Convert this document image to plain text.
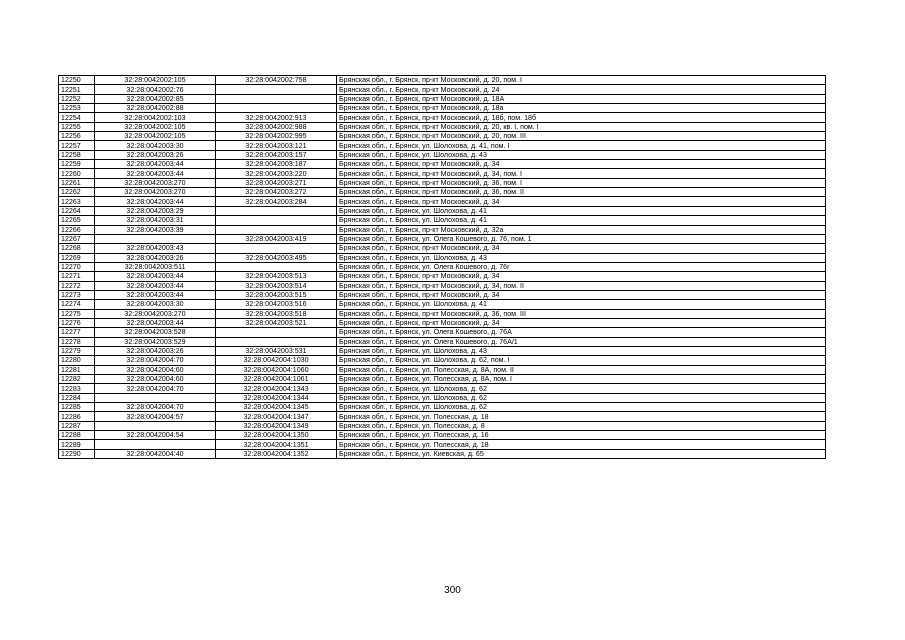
12250	32:28:0042002:105	32:28:0042002:758	Брянская обл., г. Брянск, пр-кт Московский, д. 20, пом. I
12251	32:28:0042002:76		Брянская обл., г. Брянск, пр-кт Московский, д. 24
12252	32:28:0042002:85		Брянская обл., г. Брянск, пр-кт Московский, д. 18А
12253	32:28:0042002:88		Брянская обл., г. Брянск, пр-кт Московский, д. 18а
12254	32:28:0042002:103	32:28:0042002:913	Брянская обл., г. Брянск, пр-кт Московский, д. 18б, пом. 18б
12255	32:28:0042002:105	32:28:0042002:988	Брянская обл., г. Брянск, пр-кт Московский, д. 20, кв. I, пом. I
12256	32:28:0042002:105	32:28:0042002:995	Брянская обл., г. Брянск, пр-кт Московский, д. 20, пом. III
12257	32:28:0042003:30	32:28:0042003:121	Брянская обл., г. Брянск, ул. Шолохова, д. 41, пом. I
12258	32:28:0042003:26	32:28:0042003:157	Брянская обл., г. Брянск, ул. Шолохова, д. 43
12259	32:28:0042003:44	32:28:0042003:187	Брянская обл., г. Брянск, пр-кт Московский, д. 34
12260	32:28:0042003:44	32:28:0042003:220	Брянская обл., г. Брянск, пр-кт Московский, д. 34, пом. I
12261	32:28:0042003:270	32:28:0042003:271	Брянская обл., г. Брянск, пр-кт Московский, д. 36, пом. I
12262	32:28:0042003:270	32:28:0042003:272	Брянская обл., г. Брянск, пр-кт Московский, д. 36, пом. II
12263	32:28:0042003:44	32:28:0042003:284	Брянская обл., г. Брянск, пр-кт Московский, д. 34
12264	32:28:0042003:29		Брянская обл., г. Брянск, ул. Шолохова, д. 41
12265	32:28:0042003:31		Брянская обл., г. Брянск, ул. Шолохова, д. 41
12266	32:28:0042003:39		Брянская обл., г. Брянск, пр-кт Московский, д. 32а
12267		32:28:0042003:419	Брянская обл., г. Брянск, ул. Олега Кошевого, д. 76, пом. 1
12268	32:28:0042003:43		Брянская обл., г. Брянск, пр-кт Московский, д. 34
12269	32:28:0042003:26	32:28:0042003:495	Брянская обл., г. Брянск, ул. Шолохова, д. 43
12270	32:28:0042003:511		Брянская обл., г. Брянск, ул. Олега Кошевого, д. 76г
12271	32:28:0042003:44	32:28:0042003:513	Брянская обл., г. Брянск, пр-кт Московский, д. 34
12272	32:28:0042003:44	32:28:0042003:514	Брянская обл., г. Брянск, пр-кт Московский, д. 34, пом. II
12273	32:28:0042003:44	32:28:0042003:515	Брянская обл., г. Брянск, пр-кт Московский, д. 34
12274	32:28:0042003:30	32:28:0042003:516	Брянская обл., г. Брянск, ул. Шолохова, д. 41
12275	32:28:0042003:270	32:28:0042003:518	Брянская обл., г. Брянск, пр-кт Московский, д. 36, пом. III
12276	32:28:0042003:44	32:28:0042003:521	Брянская обл., г. Брянск, пр-кт Московский, д. 34
12277	32:28:0042003:528		Брянская обл., г. Брянск, ул. Олега Кошевого, д. 76А
12278	32:28:0042003:529		Брянская обл., г. Брянск, ул. Олега Кошевого, д. 76А/1
12279	32:28:0042003:26	32:28:0042003:531	Брянская обл., г. Брянск, ул. Шолохова, д. 43
12280	32:28:0042004:70	32:28:0042004:1030	Брянская обл., г. Брянск, ул. Шолохова, д. 62, пом. I
12281	32:28:0042004:60	32:28:0042004:1060	Брянская обл., г. Брянск, ул. Полесская, д. 8А, пом. II
12282	32:28:0042004:60	32:28:0042004:1061	Брянская обл., г. Брянск, ул. Полесская, д. 8А, пом. I
12283	32:28:0042004:70	32:28:0042004:1343	Брянская обл., г. Брянск, ул. Шолохова, д. 62
12284		32:28:0042004:1344	Брянская обл., г. Брянск, ул. Шолохова, д. 62
12285	32:28:0042004:70	32:28:0042004:1345	Брянская обл., г. Брянск, ул. Шолохова, д. 62
12286	32:28:0042004:57	32:28:0042004:1347	Брянская обл., г. Брянск, ул. Полесская, д. 18
12287		32:28:0042004:1349	Брянская обл., г. Брянск, ул. Полесская, д. 8
12288	32:28:0042004:54	32:28:0042004:1350	Брянская обл., г. Брянск, ул. Полесская, д. 16
12289		32:28:0042004:1351	Брянская обл., г. Брянск, ул. Полесская, д. 18
12290	32:28:0042004:40	32:28:0042004:1352	Брянская обл., г. Брянск, ул. Киевская, д. 65
300
